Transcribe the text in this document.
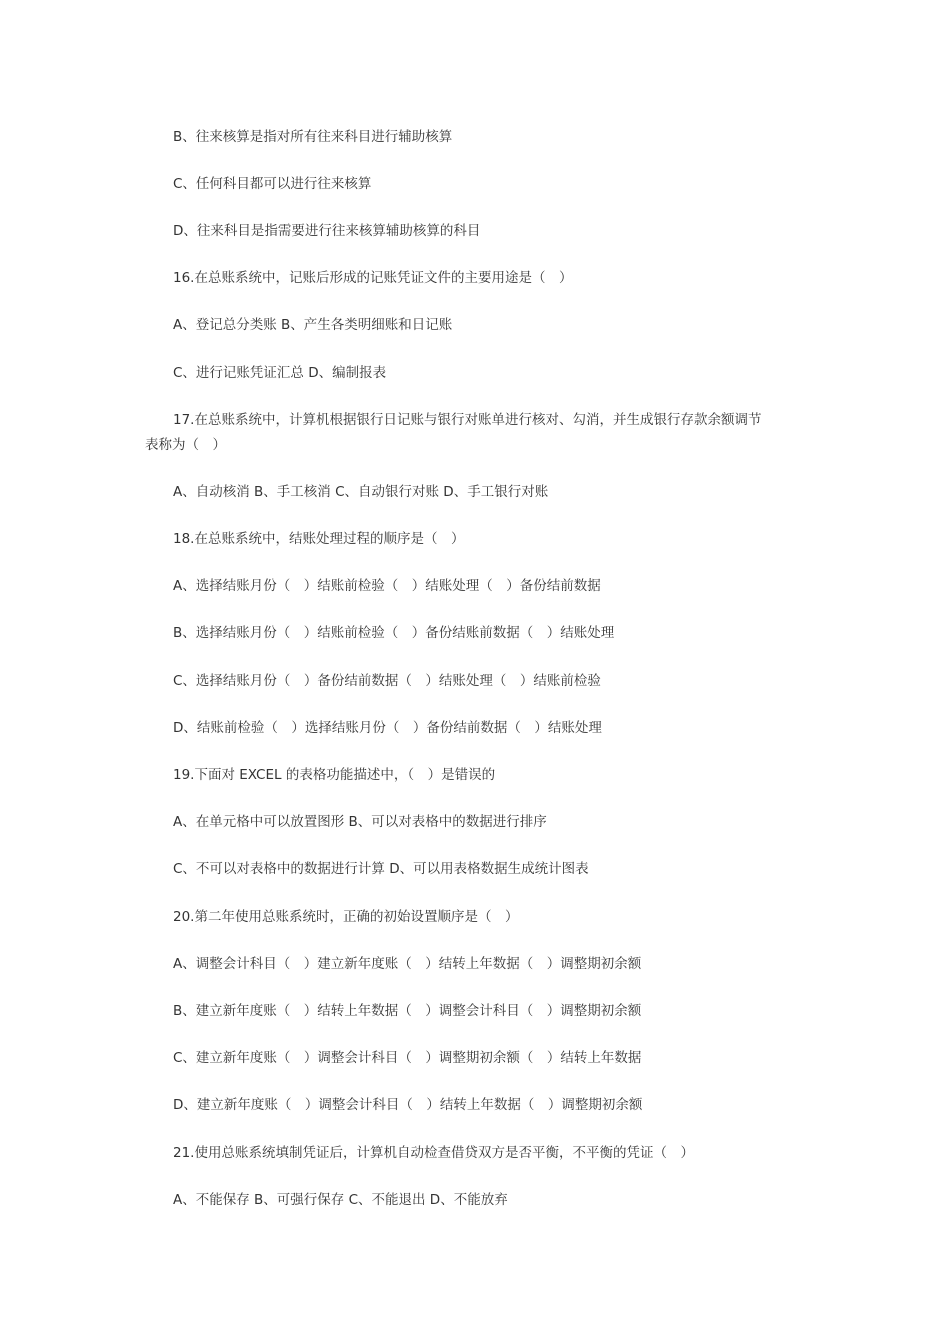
B、往来核算是指对所有往来科目进行辅助核算
C、任何科目都可以进行往来核算
D、往来科目是指需要进行往来核算辅助核算的科目
16.在总账系统中，记账后形成的记账凭证文件的主要用途是（　）
A、登记总分类账 B、产生各类明细账和日记账
C、进行记账凭证汇总 D、编制报表
17.在总账系统中，计算机根据银行日记账与银行对账单进行核对、勾消，并生成银行存款余额调节
表称为（　）
A、自动核消 B、手工核消 C、自动银行对账 D、手工银行对账
18.在总账系统中，结账处理过程的顺序是（　）
A、选择结账月份（　）结账前检验（　）结账处理（　）备份结前数据
B、选择结账月份（　）结账前检验（　）备份结账前数据（　）结账处理
C、选择结账月份（　）备份结前数据（　）结账处理（　）结账前检验
D、结账前检验（　）选择结账月份（　）备份结前数据（　）结账处理
19.下面对 EXCEL 的表格功能描述中，（　）是错误的
A、在单元格中可以放置图形 B、可以对表格中的数据进行排序
C、不可以对表格中的数据进行计算 D、可以用表格数据生成统计图表
20.第二年使用总账系统时，正确的初始设置顺序是（　）
A、调整会计科目（　）建立新年度账（　）结转上年数据（　）调整期初余额
B、建立新年度账（　）结转上年数据（　）调整会计科目（　）调整期初余额
C、建立新年度账（　）调整会计科目（　）调整期初余额（　）结转上年数据
D、建立新年度账（　）调整会计科目（　）结转上年数据（　）调整期初余额
21.使用总账系统填制凭证后，计算机自动检查借贷双方是否平衡，不平衡的凭证（　）
A、不能保存 B、可强行保存 C、不能退出 D、不能放弃
